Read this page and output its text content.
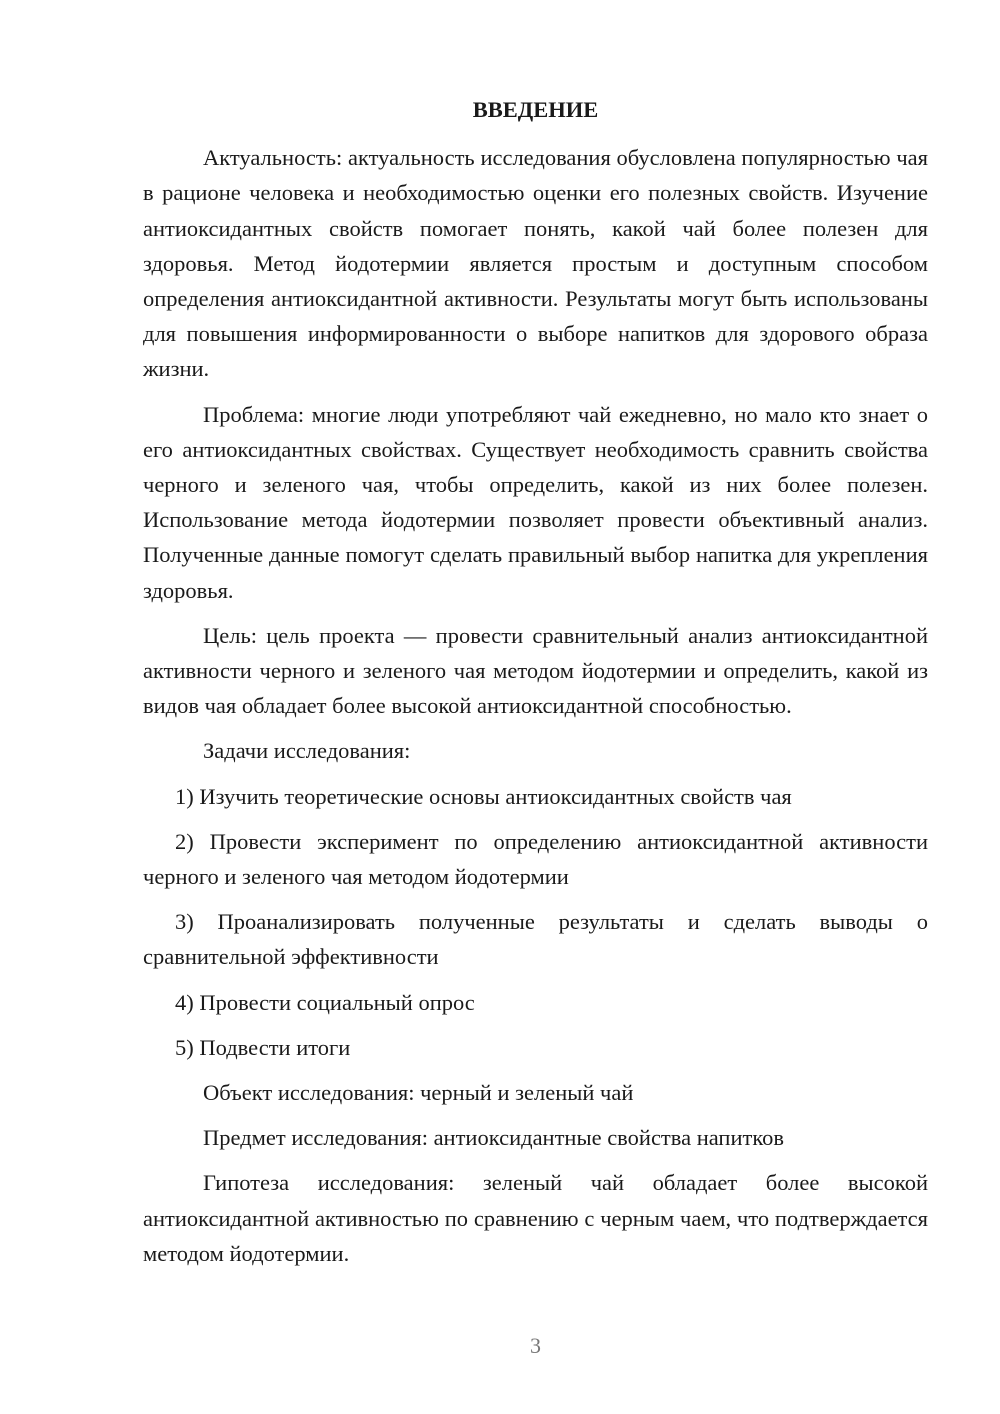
ВВЕДЕНИЕ

Актуальность: актуальность исследования обусловлена популярностью чая в рационе человека и необходимостью оценки его полезных свойств. Изучение антиоксидантных свойств помогает понять, какой чай более полезен для здоровья. Метод йодотермии является простым и доступным способом определения антиоксидантной активности. Результаты могут быть использованы для повышения информированности о выборе напитков для здорового образа жизни.

Проблема: многие люди употребляют чай ежедневно, но мало кто знает о его антиоксидантных свойствах. Существует необходимость сравнить свойства черного и зеленого чая, чтобы определить, какой из них более полезен. Использование метода йодотермии позволяет провести объективный анализ. Полученные данные помогут сделать правильный выбор напитка для укрепления здоровья.

Цель: цель проекта — провести сравнительный анализ антиоксидантной активности черного и зеленого чая методом йодотермии и определить, какой из видов чая обладает более высокой антиоксидантной способностью.

Задачи исследования:

1) Изучить теоретические основы антиоксидантных свойств чая

2) Провести эксперимент по определению антиоксидантной активности черного и зеленого чая методом йодотермии

3) Проанализировать полученные результаты и сделать выводы о сравнительной эффективности

4) Провести социальный опрос

5) Подвести итоги

Объект исследования: черный и зеленый чай

Предмет исследования: антиоксидантные свойства напитков

Гипотеза исследования: зеленый чай обладает более высокой антиоксидантной активностью по сравнению с черным чаем, что подтверждается методом йодотермии.

3
